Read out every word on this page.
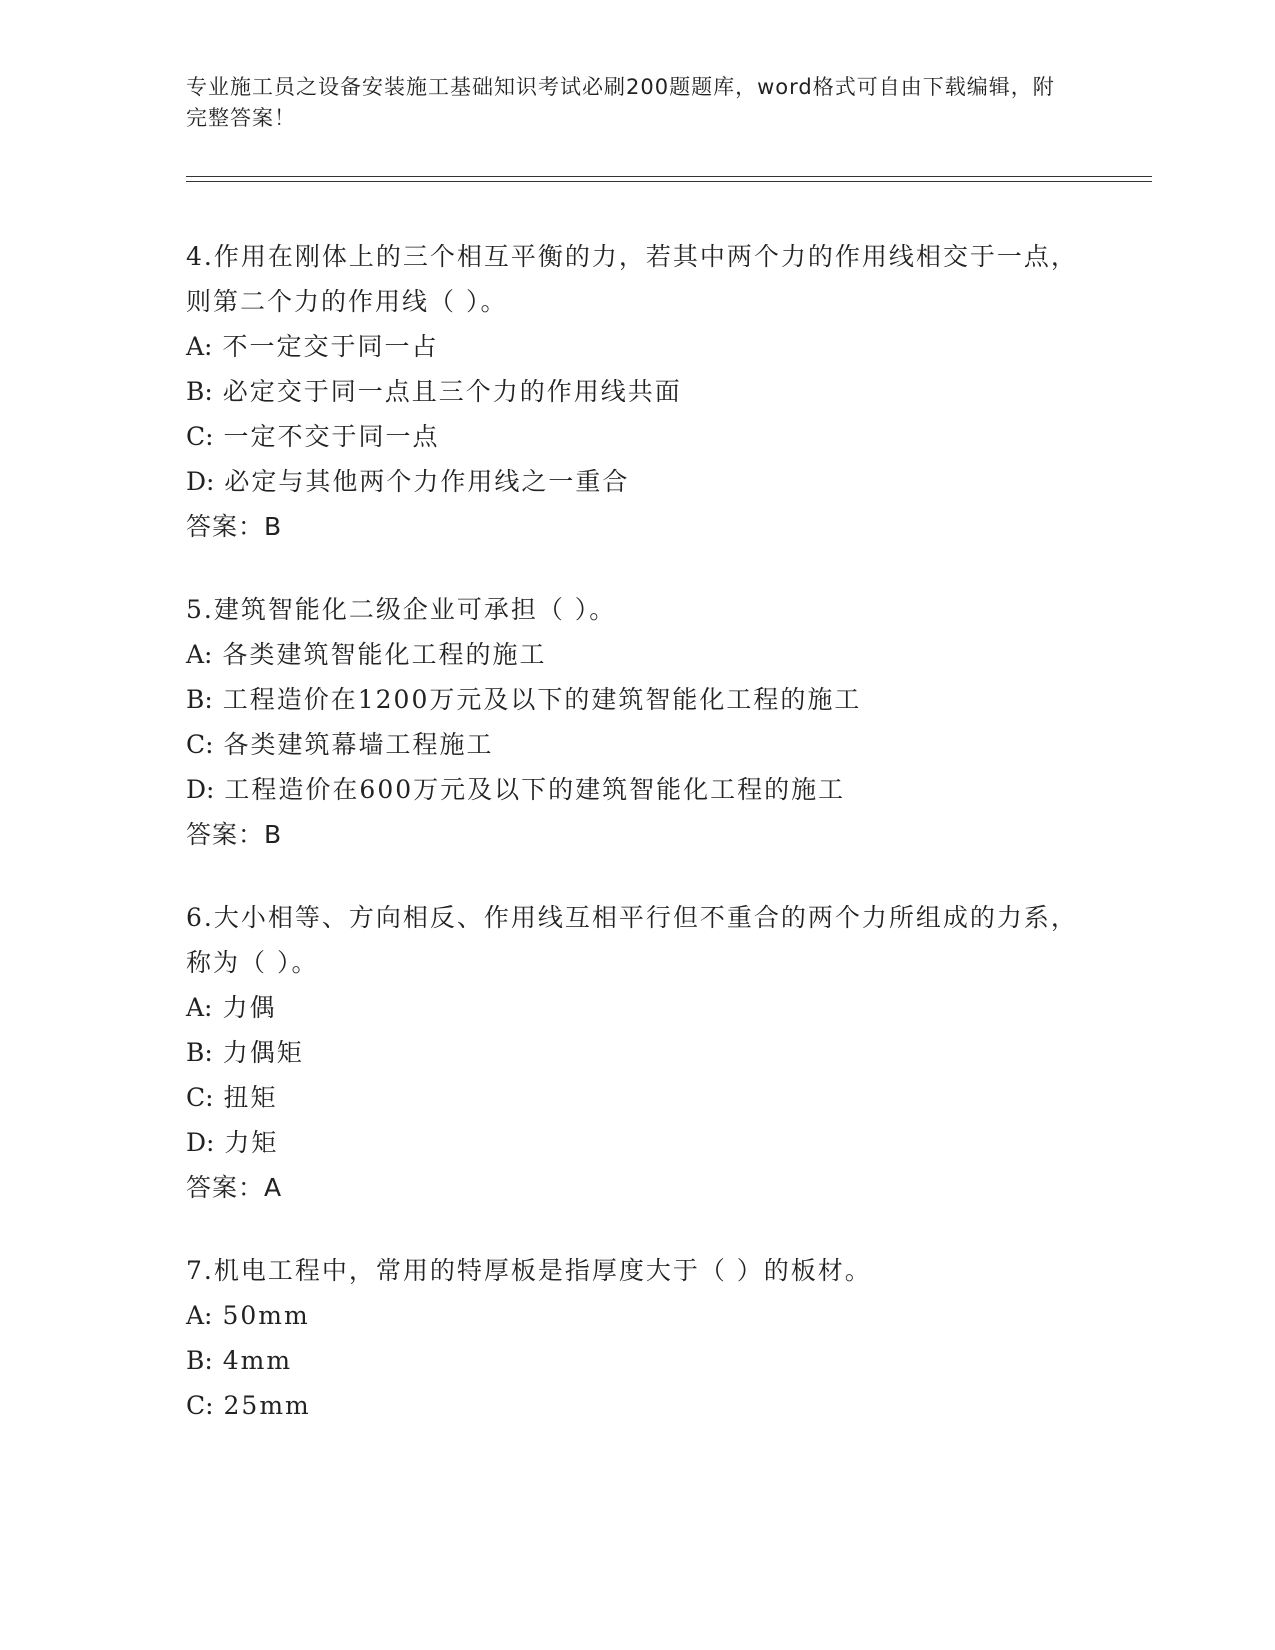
专业施工员之设备安装施工基础知识考试必刷200题题库，word格式可自由下载编辑，附完整答案！
4.作用在刚体上的三个相互平衡的力，若其中两个力的作用线相交于一点，则第二个力的作用线（ ）。
A: 不一定交于同一占
B: 必定交于同一点且三个力的作用线共面
C: 一定不交于同一点
D: 必定与其他两个力作用线之一重合
答案：B
5.建筑智能化二级企业可承担（ ）。
A: 各类建筑智能化工程的施工
B: 工程造价在1200万元及以下的建筑智能化工程的施工
C: 各类建筑幕墙工程施工
D: 工程造价在600万元及以下的建筑智能化工程的施工
答案：B
6.大小相等、方向相反、作用线互相平行但不重合的两个力所组成的力系，称为（ ）。
A: 力偶
B: 力偶矩
C: 扭矩
D: 力矩
答案：A
7.机电工程中，常用的特厚板是指厚度大于（ ）的板材。
A: 50mm
B: 4mm
C: 25mm
